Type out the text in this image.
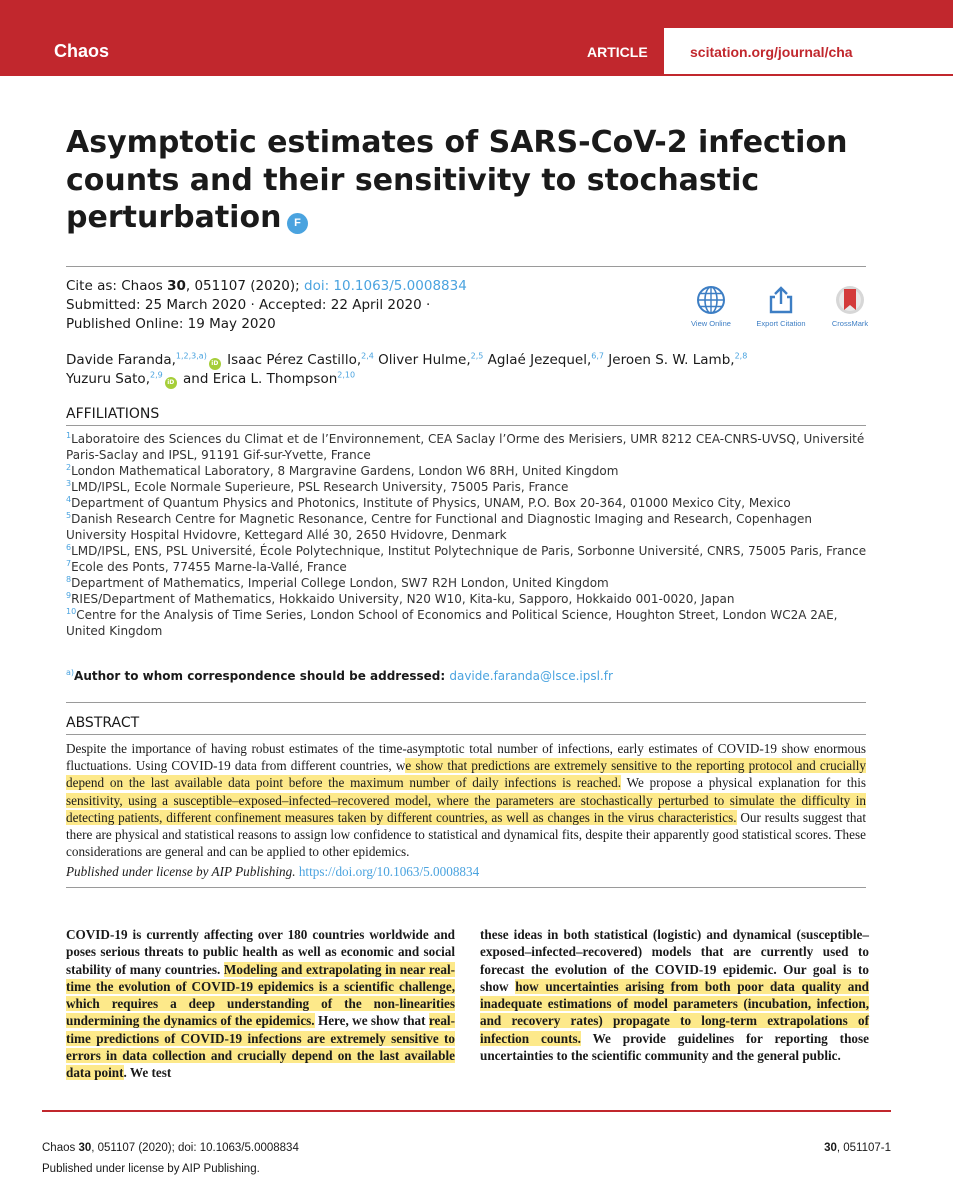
Chaos	ARTICLE	scitation.org/journal/cha
Asymptotic estimates of SARS-CoV-2 infection counts and their sensitivity to stochastic perturbation	F
Cite as: Chaos 30, 051107 (2020); doi: 10.1063/5.0008834
Submitted: 25 March 2020 · Accepted: 22 April 2020 ·
Published Online: 19 May 2020	View Online	Export Citation	CrossMark
Davide Faranda,$^{1,2,3,a)}$iD Isaac Pérez Castillo,$^{2,4}$ Oliver Hulme,$^{2,5}$ Aglaé Jezequel,$^{6,7}$ Jeroen S. W. Lamb,$^{2,8}$
Yuzuru Sato,$^{2,9}$iD and Erica L. Thompson$^{2,10}$
AFFILIATIONS
$^1$Laboratoire des Sciences du Climat et de l’Environnement, CEA Saclay l’Orme des Merisiers, UMR 8212 CEA-CNRS-UVSQ, Université Paris-Saclay and IPSL, 91191 Gif-sur-Yvette, France
$^2$London Mathematical Laboratory, 8 Margravine Gardens, London W6 8RH, United Kingdom
$^3$LMD/IPSL, Ecole Normale Superieure, PSL Research University, 75005 Paris, France
$^4$Department of Quantum Physics and Photonics, Institute of Physics, UNAM, P.O. Box 20-364, 01000 Mexico City, Mexico
$^5$Danish Research Centre for Magnetic Resonance, Centre for Functional and Diagnostic Imaging and Research, Copenhagen University Hospital Hvidovre, Kettegard Allé 30, 2650 Hvidovre, Denmark
$^6$LMD/IPSL, ENS, PSL Université, École Polytechnique, Institut Polytechnique de Paris, Sorbonne Université, CNRS, 75005 Paris, France
$^7$Ecole des Ponts, 77455 Marne-la-Vallé, France
$^8$Department of Mathematics, Imperial College London, SW7 R2H London, United Kingdom
$^9$RIES/Department of Mathematics, Hokkaido University, N20 W10, Kita-ku, Sapporo, Hokkaido 001-0020, Japan
$^{10}$Centre for the Analysis of Time Series, London School of Economics and Political Science, Houghton Street, London WC2A 2AE, United Kingdom
$^{a)}$Author to whom correspondence should be addressed: davide.faranda@lsce.ipsl.fr
ABSTRACT
Despite the importance of having robust estimates of the time-asymptotic total number of infections, early estimates of COVID-19 show enormous fluctuations. Using COVID-19 data from different countries, we show that predictions are extremely sensitive to the reporting protocol and crucially depend on the last available data point before the maximum number of daily infections is reached. We propose a physical explanation for this sensitivity, using a susceptible–exposed–infected–recovered model, where the parameters are stochastically perturbed to simulate the difficulty in detecting patients, different confinement measures taken by different countries, as well as changes in the virus characteristics. Our results suggest that there are physical and statistical reasons to assign low confidence to statistical and dynamical fits, despite their apparently good statistical scores. These considerations are general and can be applied to other epidemics.
Published under license by AIP Publishing. https://doi.org/10.1063/5.0008834
COVID-19 is currently affecting over 180 countries worldwide and poses serious threats to public health as well as economic and social stability of many countries. Modeling and extrapolating in near real-time the evolution of COVID-19 epidemics is a scientific challenge, which requires a deep understanding of the non-linearities undermining the dynamics of the epidemics. Here, we show that real-time predictions of COVID-19 infections are extremely sensitive to errors in data collection and crucially depend on the last available data point. We test
these ideas in both statistical (logistic) and dynamical (susceptible–exposed–infected–recovered) models that are currently used to forecast the evolution of the COVID-19 epidemic. Our goal is to show how uncertainties arising from both poor data quality and inadequate estimations of model parameters (incubation, infection, and recovery rates) propagate to long-term extrapolations of infection counts. We provide guidelines for reporting those uncertainties to the scientific community and the general public.
Chaos 30, 051107 (2020); doi: 10.1063/5.0008834
Published under license by AIP Publishing.
30, 051107-1
